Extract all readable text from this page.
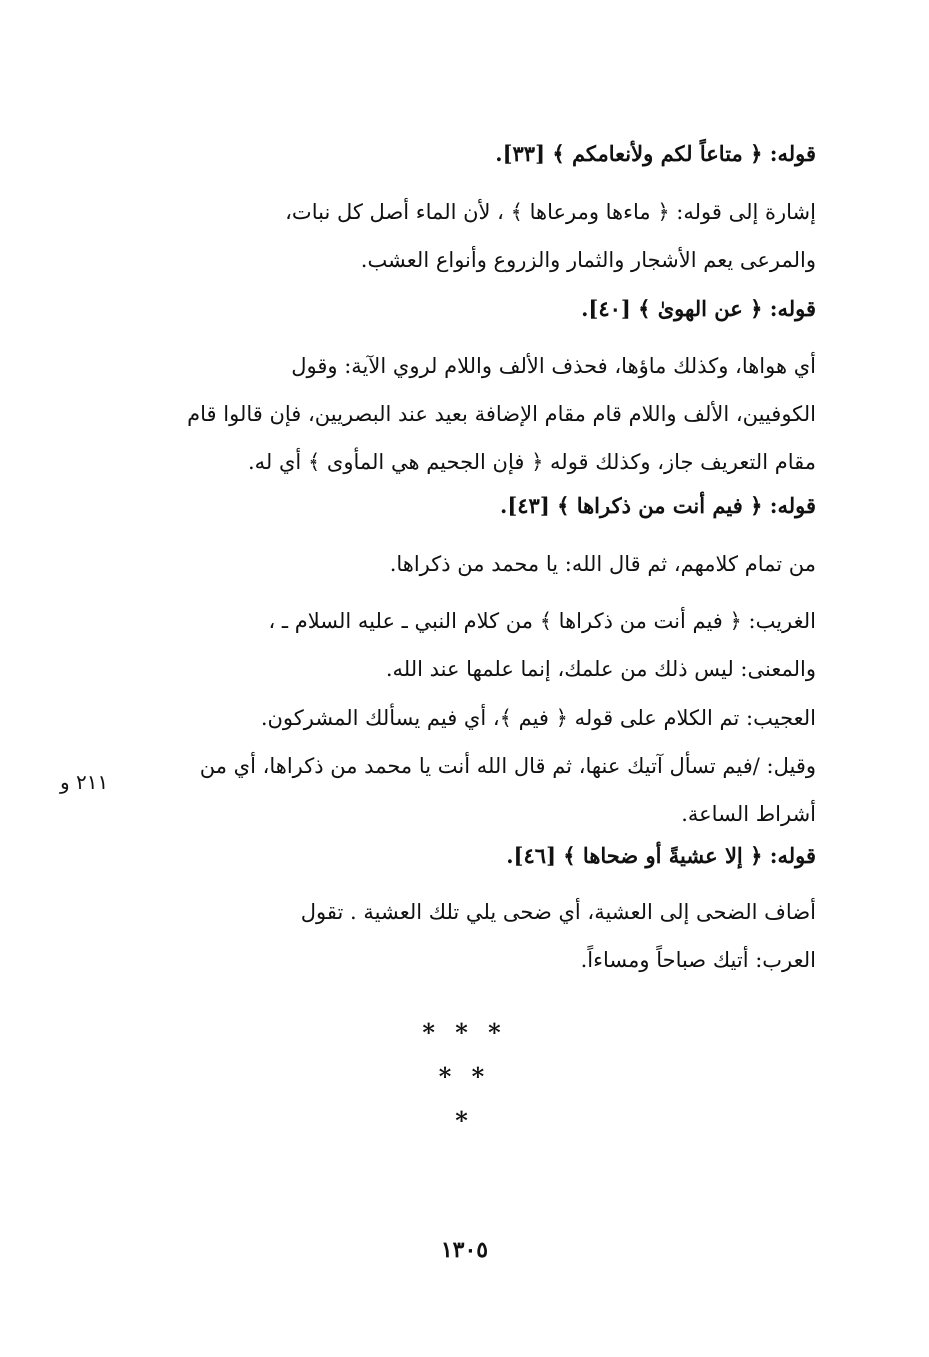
قوله: ﴿ متاعاً لكم ولأنعامكم ﴾ [٣٣].
إشارة إلى قوله: ﴿ ماءها ومرعاها ﴾ ، لأن الماء أصل كل نبات،
والمرعى يعم الأشجار والثمار والزروع وأنواع العشب.
قوله: ﴿ عن الهوىٰ ﴾ [٤٠].
أي هواها، وكذلك ماؤها، فحذف الألف واللام لروي الآية: وقول
الكوفيين، الألف واللام قام مقام الإضافة بعيد عند البصريين، فإن قالوا قام
مقام التعريف جاز، وكذلك قوله ﴿ فإن الجحيم هي المأوى ﴾ أي له.
قوله: ﴿ فيم أنت من ذكراها ﴾ [٤٣].
من تمام كلامهم، ثم قال الله: يا محمد من ذكراها.
الغريب: ﴿ فيم أنت من ذكراها ﴾ من كلام النبي ـ عليه السلام ـ ،
والمعنى: ليس ذلك من علمك، إنما علمها عند الله.
العجيب: تم الكلام على قوله ﴿ فيم ﴾، أي فيم يسألك المشركون.
وقيل: /فيم تسأل آتيك عنها، ثم قال الله أنت يا محمد من ذكراها، أي من
أشراط الساعة.
٢١١ و
قوله: ﴿ إلا عشيةً أو ضحاها ﴾ [٤٦].
أضاف الضحى إلى العشية، أي ضحى يلي تلك العشية . تقول
العرب: أتيك صباحاً ومساءاً.
* * *
* *
*
١٣٠٥
